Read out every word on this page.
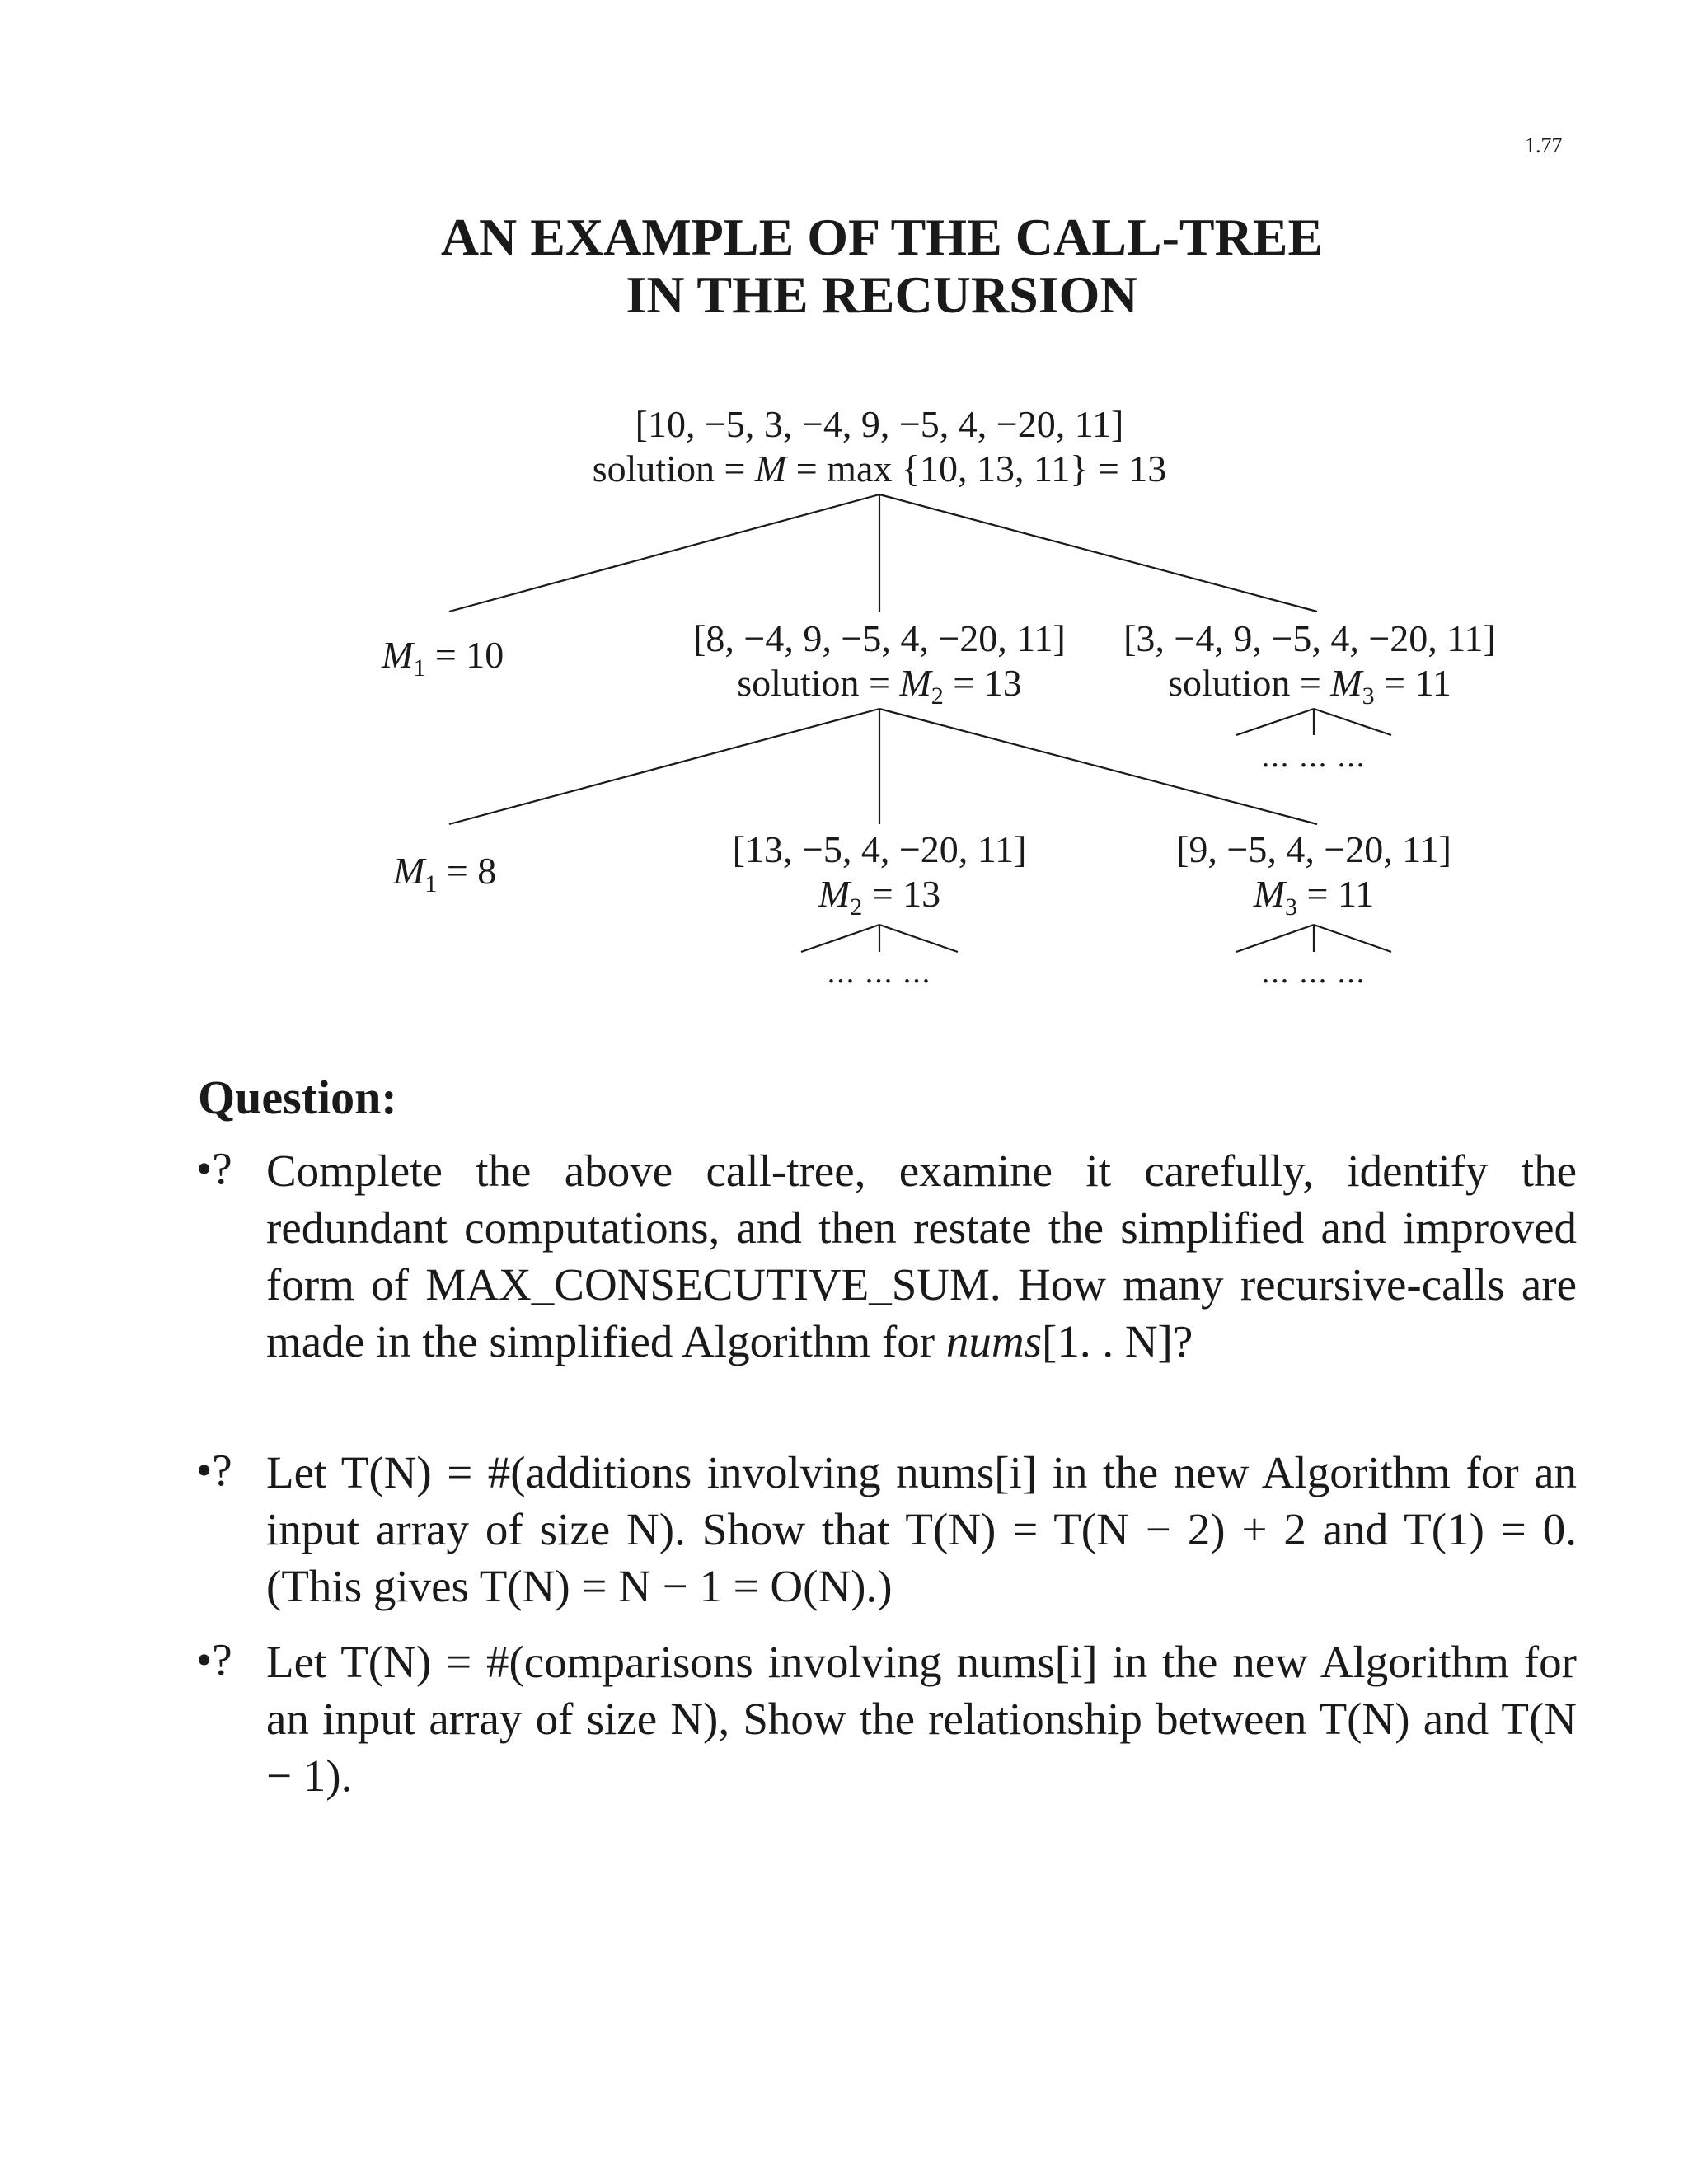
1.77
AN EXAMPLE OF THE CALL-TREE
IN THE RECURSION
[10, −5, 3, −4, 9, −5, 4, −20, 11]
solution = M = max {10, 13, 11} = 13
$M_1 = 10$	[8, −4, 9, −5, 4, −20, 11]
solution = $M_2 = 13$
[3, −4, 9, −5, 4, −20, 11]
solution = $M_3 = 11$
... ... ...
$M_1 = 8$
[13, −5, 4, −20, 11]
$M_2 = 13$
[9, −5, 4, −20, 11]
$M_3 = 11$
... ... ...	... ... ...
Question:
•? Complete the above call-tree, examine it carefully, identify the redundant computations, and then restate the simplified and improved form of MAX_CONSECUTIVE_SUM. How many recursive-calls are made in the simplified Algorithm for nums[1. . N]?
•? Let T(N) = #(additions involving nums[i] in the new Algorithm for an input array of size N). Show that T(N) = T(N − 2) + 2 and T(1) = 0. (This gives T(N) = N − 1 = O(N).)
•? Let T(N) = #(comparisons involving nums[i] in the new Algorithm for an input array of size N), Show the relationship between T(N) and T(N − 1).
